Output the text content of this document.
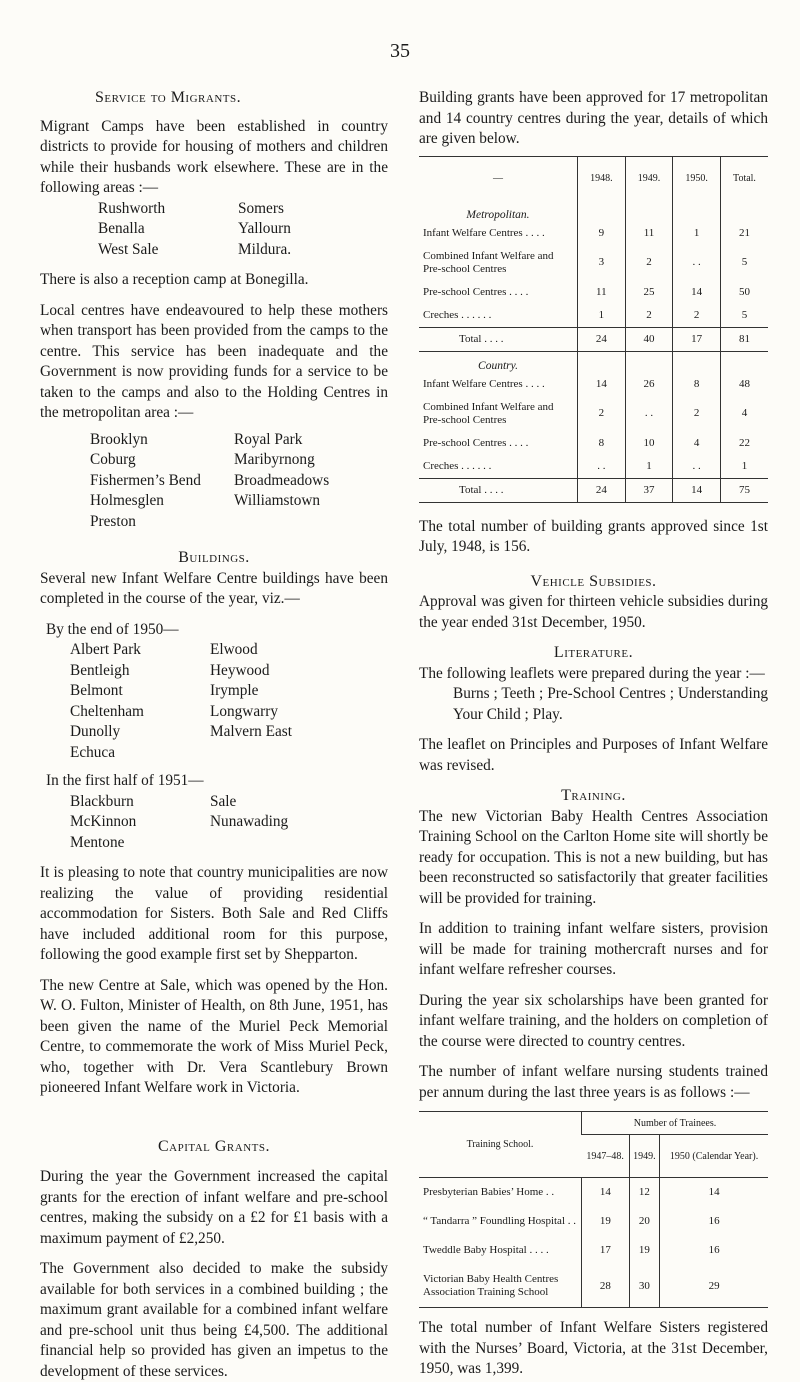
35
Service to Migrants.

Migrant Camps have been established in country districts to provide for housing of mothers and children while their husbands work elsewhere. These are in the following areas :—

Rushworth	Somers
Benalla	Yallourn
West Sale	Mildura.

There is also a reception camp at Bonegilla.

Local centres have endeavoured to help these mothers when transport has been provided from the camps to the centre. This service has been inadequate and the Government is now providing funds for a service to be taken to the camps and also to the Holding Centres in the metropolitan area :—

Brooklyn	Royal Park
Coburg	Maribyrnong
Fishermen’s Bend	Broadmeadows
Holmesglen	Williamstown
Preston
Buildings.

Several new Infant Welfare Centre buildings have been completed in the course of the year, viz.—

By the end of 1950—
Albert Park	Elwood
Bentleigh	Heywood
Belmont	Irymple
Cheltenham	Longwarry
Dunolly	Malvern East
Echuca
In the first half of 1951—
Blackburn	Sale
McKinnon	Nunawading
Mentone

It is pleasing to note that country municipalities are now realizing the value of providing residential accommodation for Sisters. Both Sale and Red Cliffs have included additional room for this purpose, following the good example first set by Shepparton.

The new Centre at Sale, which was opened by the Hon. W. O. Fulton, Minister of Health, on 8th June, 1951, has been given the name of the Muriel Peck Memorial Centre, to commemorate the work of Miss Muriel Peck, who, together with Dr. Vera Scantlebury Brown pioneered Infant Welfare work in Victoria.

Capital Grants.

During the year the Government increased the capital grants for the erection of infant welfare and pre-school centres, making the subsidy on a £2 for £1 basis with a maximum payment of £2,250.

The Government also decided to make the subsidy available for both services in a combined building ; the maximum grant available for a combined infant welfare and pre-school unit thus being £4,500. The additional financial help so provided has given an impetus to the development of these services.

Building grants have been approved for 17 metropolitan and 14 country centres during the year, details of which are given below.

—	1948.	1949.	1950.	Total.
Metropolitan.				
Infant Welfare Centres . . . .	9	11	1	21
Combined Infant Welfare and Pre-school Centres	3	2	. .	5
Pre-school Centres . . . .	11	25	14	50
Creches . . . . . .	1	2	2	5
Total . . . .	24	40	17	81
Country.				
Infant Welfare Centres . . . .	14	26	8	48
Combined Infant Welfare and Pre-school Centres	2	. .	2	4
Pre-school Centres . . . .	8	10	4	22
Creches . . . . . .	. .	1	. .	1
Total . . . .	24	37	14	75

The total number of building grants approved since 1st July, 1948, is 156.

Vehicle Subsidies.

Approval was given for thirteen vehicle subsidies during the year ended 31st December, 1950.

Literature.

The following leaflets were prepared during the year :—

Burns ; Teeth ; Pre-School Centres ; Understanding Your Child ; Play.

The leaflet on Principles and Purposes of Infant Welfare was revised.

Training.

The new Victorian Baby Health Centres Association Training School on the Carlton Home site will shortly be ready for occupation. This is not a new building, but has been reconstructed so satisfactorily that greater facilities will be provided for training.

In addition to training infant welfare sisters, provision will be made for training mothercraft nurses and for infant welfare refresher courses.

During the year six scholarships have been granted for infant welfare training, and the holders on completion of the course were directed to country centres.

The number of infant welfare nursing students trained per annum during the last three years is as follows :—

Training School.	Number of Trainees.		
	1947–48.	1949.	1950 (Calendar Year).
Presbyterian Babies’ Home . .	14	12	14
“ Tandarra ” Foundling Hospital . .	19	20	16
Tweddle Baby Hospital . . . .	17	19	16
Victorian Baby Health Centres Association Training School	28	30	29

The total number of Infant Welfare Sisters registered with the Nurses’ Board, Victoria, at the 31st December, 1950, was 1,399.
